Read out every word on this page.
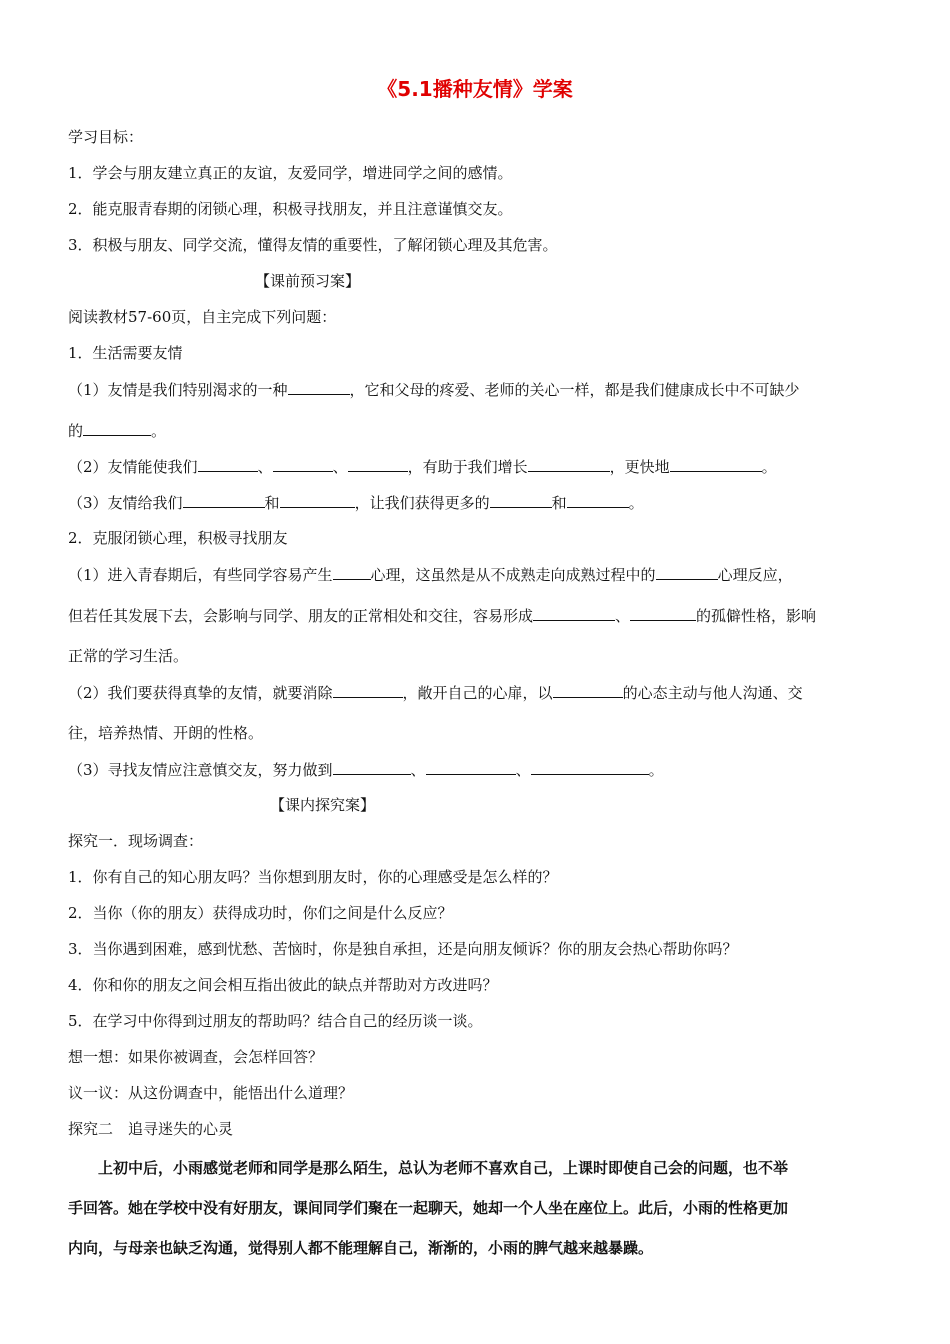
《5.1播种友情》学案
学习目标：
1．学会与朋友建立真正的友谊，友爱同学，增进同学之间的感情。
2．能克服青春期的闭锁心理，积极寻找朋友，并且注意谨慎交友。
3．积极与朋友、同学交流，懂得友情的重要性，了解闭锁心理及其危害。
【课前预习案】
阅读教材57-60页，自主完成下列问题：
1．生活需要友情
（1）友情是我们特别渴求的一种	，它和父母的疼爱、老师的关心一样，都是我们健康成长中不可缺少
的	。
（2）友情能使我们	、	、	，有助于我们增长	，更快地	。
（3）友情给我们	和	，让我们获得更多的	和	。
2．克服闭锁心理，积极寻找朋友
（1）进入青春期后，有些同学容易产生	心理，这虽然是从不成熟走向成熟过程中的	心理反应，
但若任其发展下去，会影响与同学、朋友的正常相处和交往，容易形成	、	的孤僻性格，影响
正常的学习生活。
（2）我们要获得真挚的友情，就要消除	，敞开自己的心扉，以	的心态主动与他人沟通、交
往，培养热情、开朗的性格。
（3）寻找友情应注意慎交友，努力做到	、	、	。
【课内探究案】
探究一．现场调查：
1．你有自己的知心朋友吗？当你想到朋友时，你的心理感受是怎么样的？
2．当你（你的朋友）获得成功时，你们之间是什么反应？
3．当你遇到困难，感到忧愁、苦恼时，你是独自承担，还是向朋友倾诉？你的朋友会热心帮助你吗？
4．你和你的朋友之间会相互指出彼此的缺点并帮助对方改进吗？
5．在学习中你得到过朋友的帮助吗？结合自己的经历谈一谈。
想一想：如果你被调查，会怎样回答？
议一议：从这份调查中，能悟出什么道理？
探究二　追寻迷失的心灵
上初中后，小雨感觉老师和同学是那么陌生，总认为老师不喜欢自己，上课时即使自己会的问题，也不举
手回答。她在学校中没有好朋友，课间同学们聚在一起聊天，她却一个人坐在座位上。此后，小雨的性格更加
内向，与母亲也缺乏沟通，觉得别人都不能理解自己，渐渐的，小雨的脾气越来越暴躁。
